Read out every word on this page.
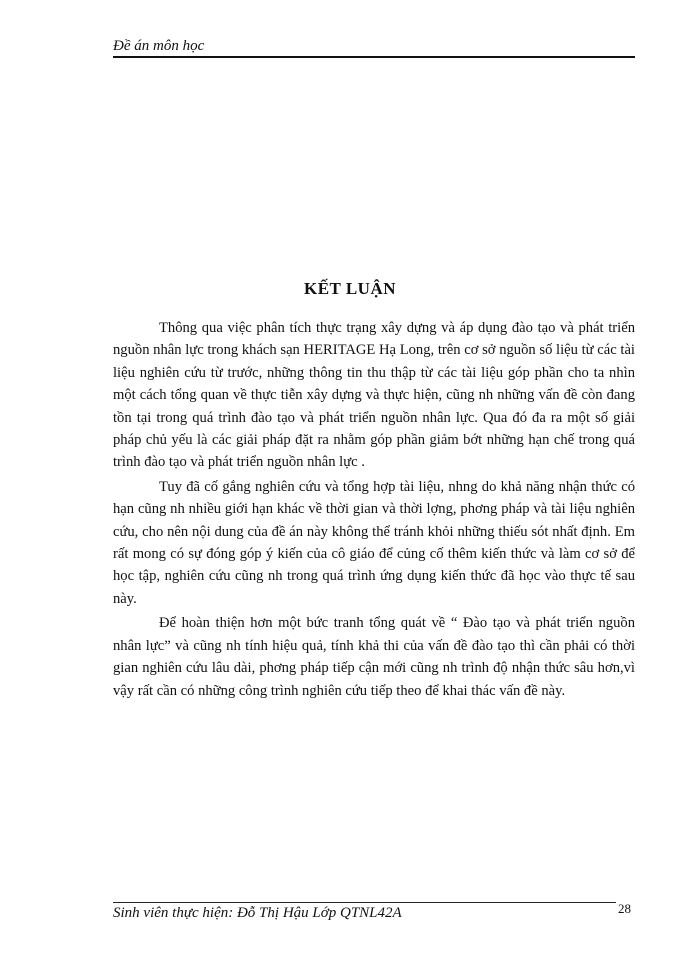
Đề án môn học
KẾT LUẬN

Thông qua việc phân tích thực trạng xây dựng và áp dụng đào tạo và phát triển nguồn nhân lực trong khách sạn HERITAGE Hạ Long, trên cơ sở nguồn số liệu từ các tài liệu nghiên cứu từ trước, những thông tin thu thập từ các tài liệu góp phần cho ta nhìn một cách tổng quan về thực tiễn xây dựng và thực hiện, cũng nh những vấn đề còn đang tồn tại trong quá trình đào tạo và phát triển nguồn nhân lực. Qua đó đa ra một số giải pháp chủ yếu là các giải pháp đặt ra nhằm góp phần giảm bớt những hạn chế trong quá trình đào tạo và phát triển nguồn nhân lực .

Tuy đã cố gắng nghiên cứu và tổng hợp tài liệu, nhng do khả năng nhận thức có hạn cũng nh nhiều giới hạn khác về thời gian và thời lợng, phơng pháp và tài liệu nghiên cứu, cho nên nội dung của đề án này không thể tránh khỏi những thiếu sót nhất định. Em rất mong có sự đóng góp ý kiến của cô giáo để củng cố thêm kiến thức và làm cơ sở để học tập, nghiên cứu cũng nh trong quá trình ứng dụng kiến thức đã học vào thực tế sau này.

Để hoàn thiện hơn một bức tranh tổng quát về “ Đào tạo và phát triển nguồn nhân lực” và cũng nh tính hiệu quả, tính khả thi của vấn đề đào tạo thì cần phải có thời gian nghiên cứu lâu dài, phơng pháp tiếp cận mới cũng nh trình độ nhận thức sâu hơn,vì vậy rất cần có những công trình nghiên cứu tiếp theo để khai thác vấn đề này.

Sinh viên thực hiện: Đỗ Thị Hậu Lớp QTNL42A	28
